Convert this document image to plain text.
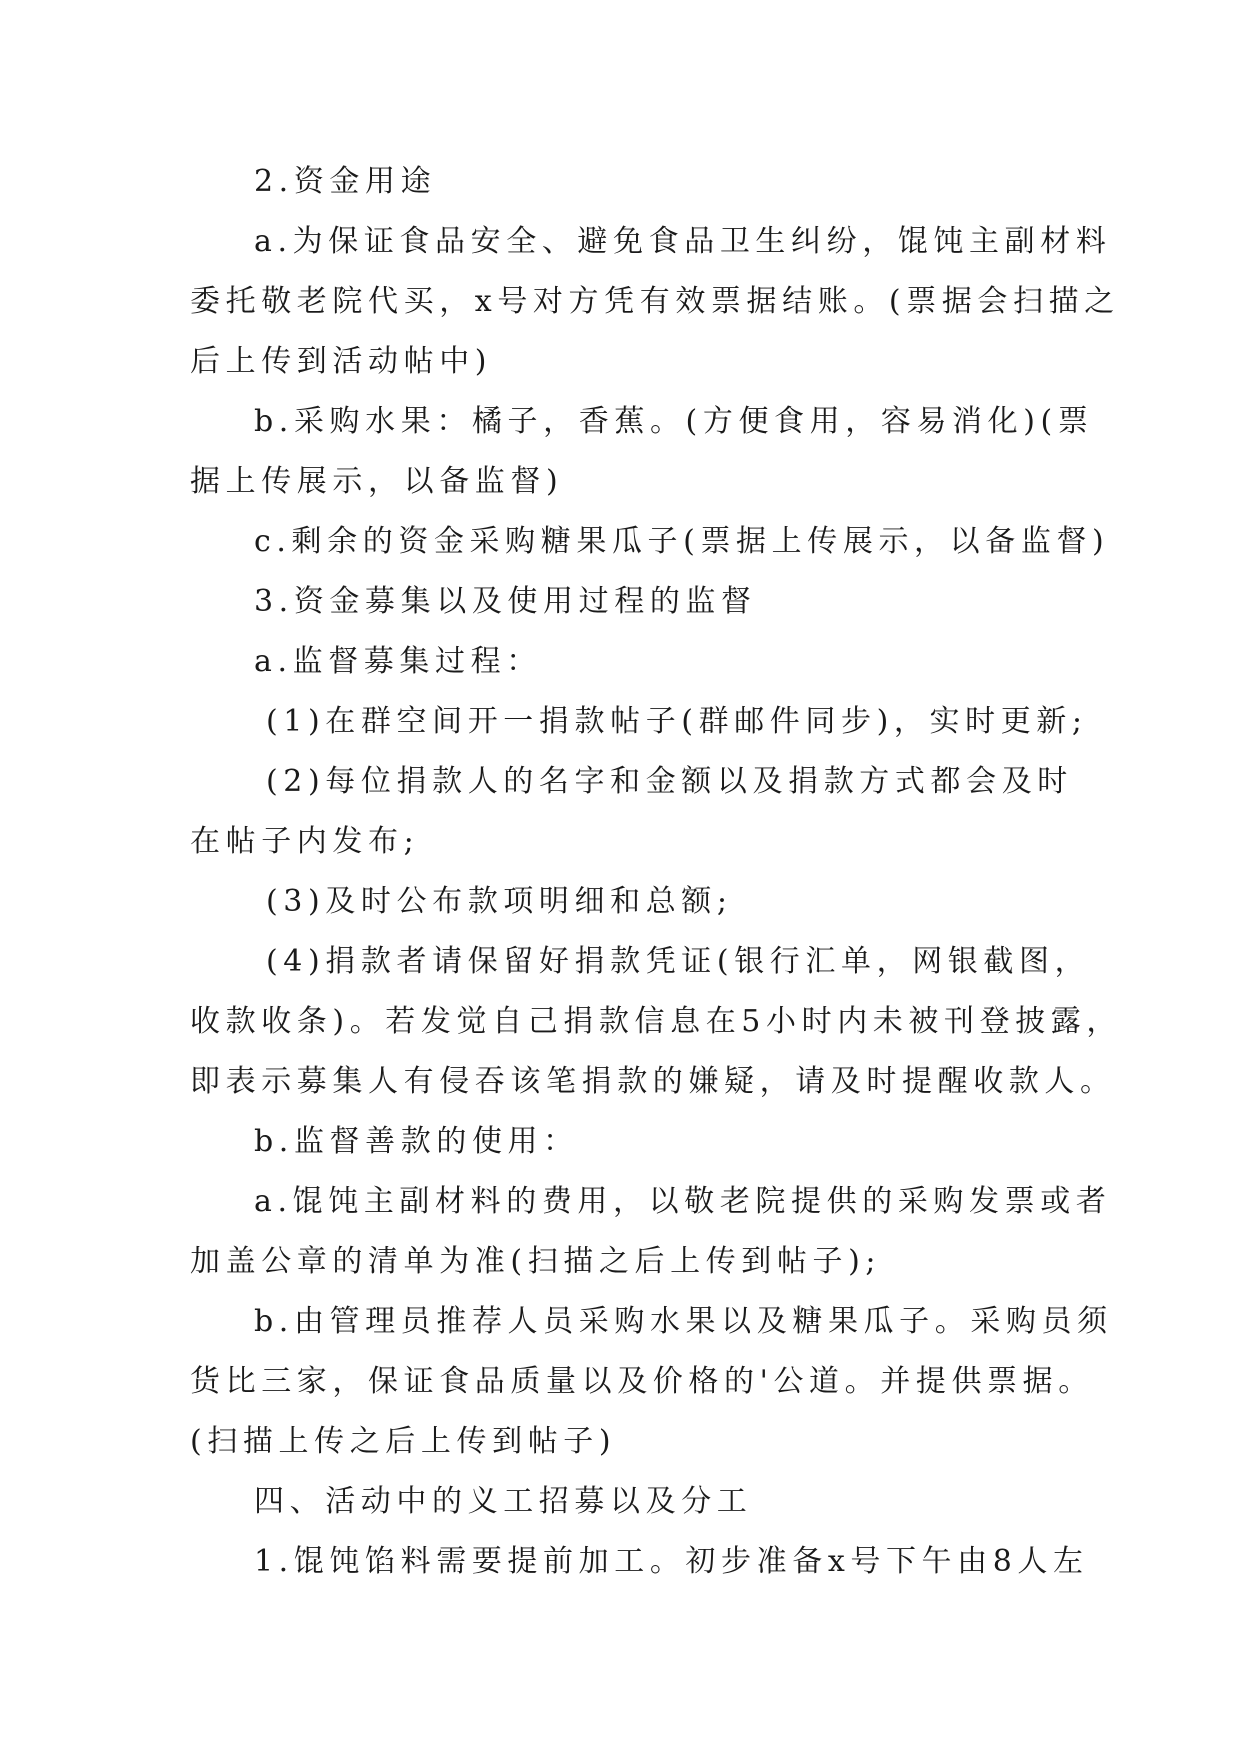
2.资金用途
a.为保证食品安全、避免食品卫生纠纷，馄饨主副材料
委托敬老院代买，x号对方凭有效票据结账。(票据会扫描之
后上传到活动帖中)
b.采购水果：橘子，香蕉。(方便食用，容易消化)(票
据上传展示，以备监督)
c.剩余的资金采购糖果瓜子(票据上传展示，以备监督)
3.资金募集以及使用过程的监督
a.监督募集过程：
(1)在群空间开一捐款帖子(群邮件同步)，实时更新;
(2)每位捐款人的名字和金额以及捐款方式都会及时
在帖子内发布;
(3)及时公布款项明细和总额;
(4)捐款者请保留好捐款凭证(银行汇单，网银截图，
收款收条)。若发觉自己捐款信息在5小时内未被刊登披露，
即表示募集人有侵吞该笔捐款的嫌疑，请及时提醒收款人。
b.监督善款的使用：
a.馄饨主副材料的费用，以敬老院提供的采购发票或者
加盖公章的清单为准(扫描之后上传到帖子);
b.由管理员推荐人员采购水果以及糖果瓜子。采购员须
货比三家，保证食品质量以及价格的'公道。并提供票据。
(扫描上传之后上传到帖子)
四、活动中的义工招募以及分工
1.馄饨馅料需要提前加工。初步准备x号下午由8人左
